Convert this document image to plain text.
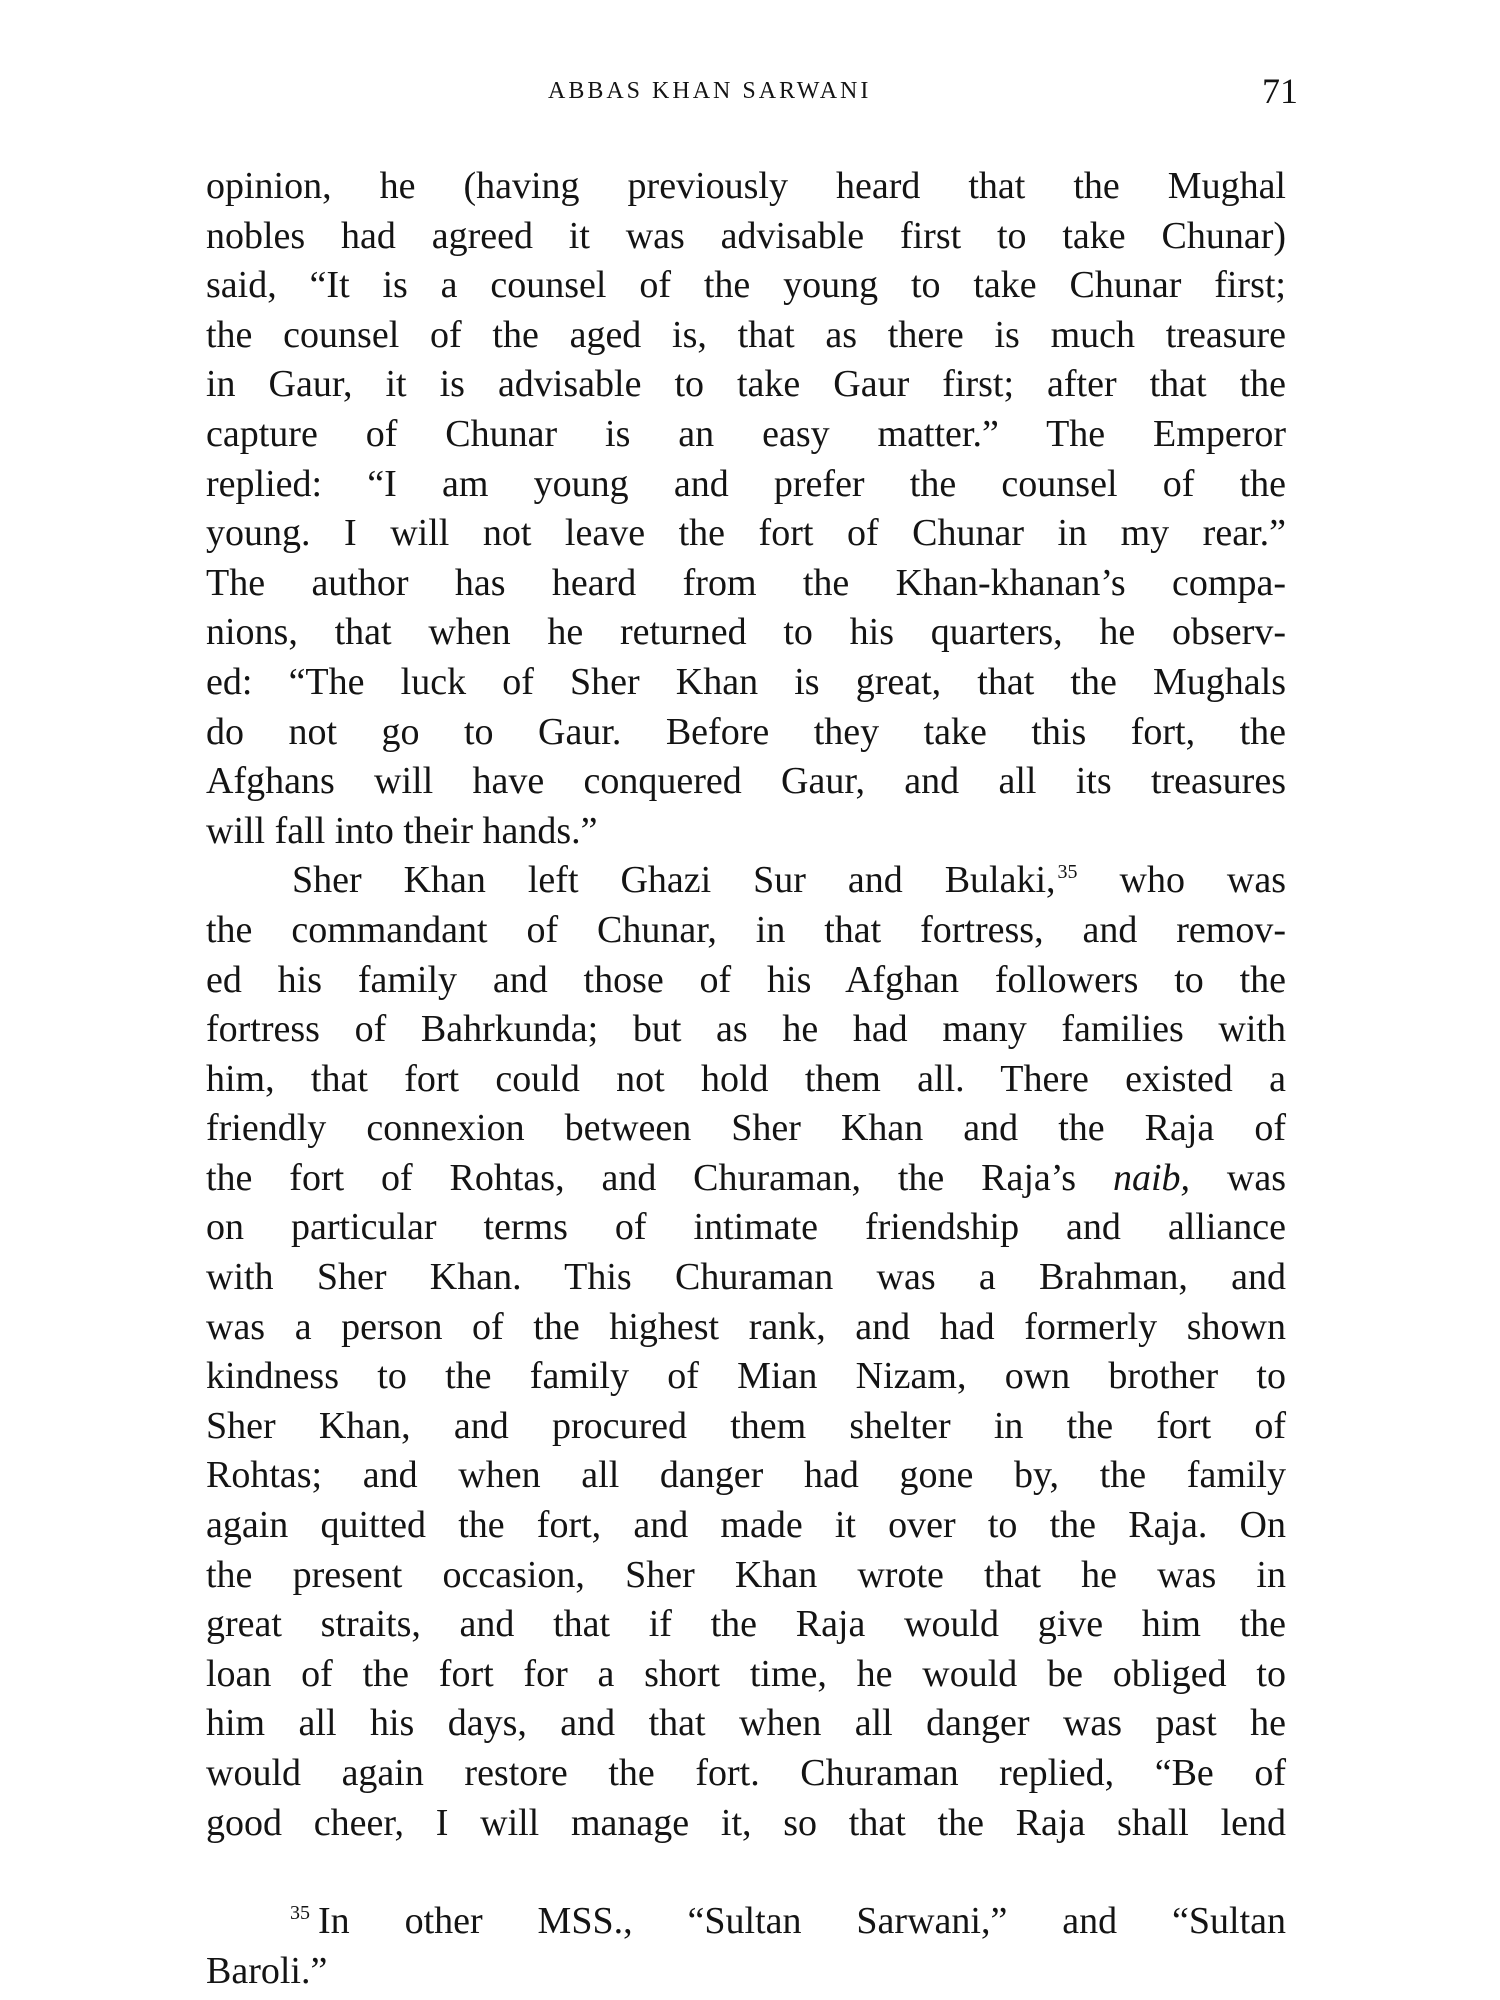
ABBAS KHAN SARWANI	71
opinion, he (having previously heard that the Mughal
nobles had agreed it was advisable first to take Chunar)
said, “It is a counsel of the young to take Chunar first;
the counsel of the aged is, that as there is much treasure
in Gaur, it is advisable to take Gaur first; after that the
capture of Chunar is an easy matter.” The Emperor
replied: “I am young and prefer the counsel of the
young. I will not leave the fort of Chunar in my rear.”
The author has heard from the Khan-khanan’s compa-
nions, that when he returned to his quarters, he observ-
ed: “The luck of Sher Khan is great, that the Mughals
do not go to Gaur. Before they take this fort, the
Afghans will have conquered Gaur, and all its treasures
will fall into their hands.”
Sher Khan left Ghazi Sur and Bulaki, $^{35}$ who was
the commandant of Chunar, in that fortress, and remov-
ed his family and those of his Afghan followers to the
fortress of Bahrkunda; but as he had many families with
him, that fort could not hold them all. There existed a
friendly connexion between Sher Khan and the Raja of
the fort of Rohtas, and Churaman, the Raja’s naib, was
on particular terms of intimate friendship and alliance
with Sher Khan. This Churaman was a Brahman, and
was a person of the highest rank, and had formerly shown
kindness to the family of Mian Nizam, own brother to
Sher Khan, and procured them shelter in the fort of
Rohtas; and when all danger had gone by, the family
again quitted the fort, and made it over to the Raja. On
the present occasion, Sher Khan wrote that he was in
great straits, and that if the Raja would give him the
loan of the fort for a short time, he would be obliged to
him all his days, and that when all danger was past he
would again restore the fort. Churaman replied, “Be of
good cheer, I will manage it, so that the Raja shall lend
$^{35}$ In other MSS., “Sultan Sarwani,” and “Sultan
Baroli.”
